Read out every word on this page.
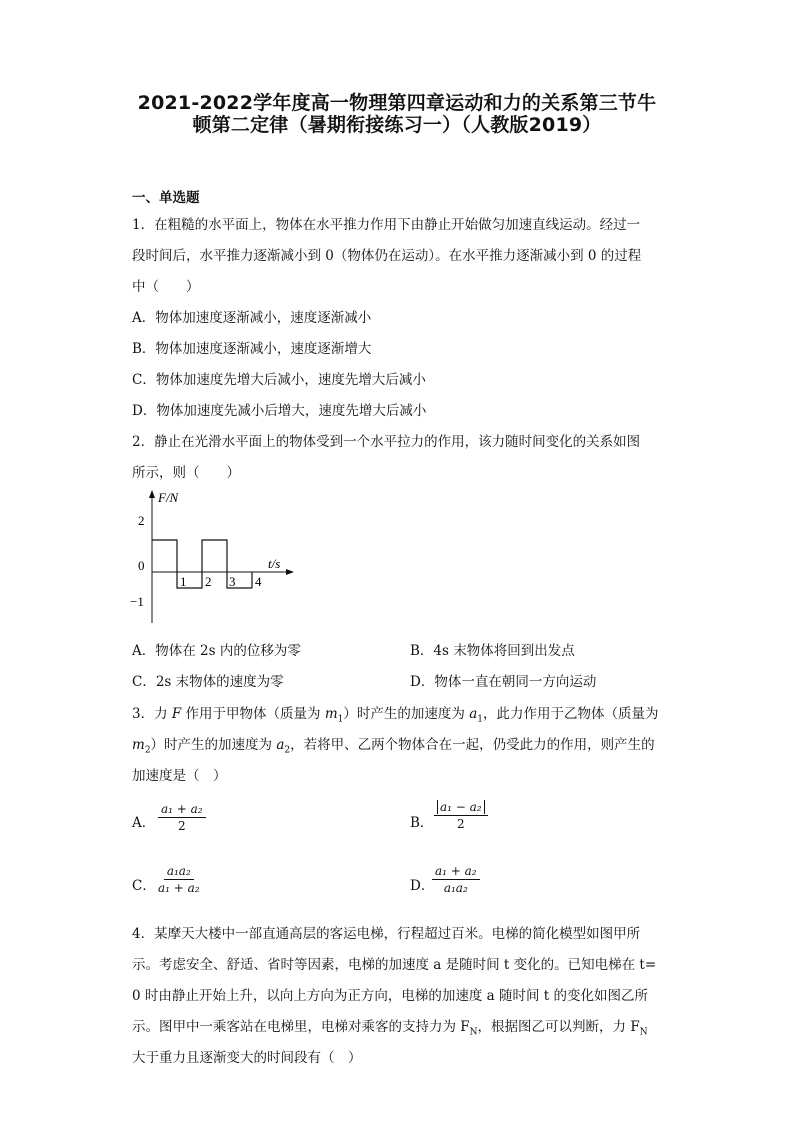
2021-2022学年度高一物理第四章运动和力的关系第三节牛
顿第二定律（暑期衔接练习一）（人教版2019）
一、单选题
1．在粗糙的水平面上，物体在水平推力作用下由静止开始做匀加速直线运动。经过一
段时间后，水平推力逐渐减小到 0（物体仍在运动）。在水平推力逐渐减小到 0 的过程
中（　　）
A．物体加速度逐渐减小，速度逐渐减小
B．物体加速度逐渐减小，速度逐渐增大
C．物体加速度先增大后减小，速度先增大后减小
D．物体加速度先减小后增大，速度先增大后减小
2．静止在光滑水平面上的物体受到一个水平拉力的作用，该力随时间变化的关系如图
所示，则（　　）
F/N
t/s
2
0
−1
1 2 3 4
A．物体在 2s 内的位移为零	B．4s 末物体将回到出发点
C．2s 末物体的速度为零	D．物体一直在朝同一方向运动
3．力 F 作用于甲物体（质量为 $m_1$）时产生的加速度为 $a_1$，此力作用于乙物体（质量为
$m_2$）时产生的加速度为 $a_2$，若将甲、乙两个物体合在一起，仍受此力的作用，则产生的
加速度是（　）
A． $\frac{\text{a₁ + a₂}}{2}$	B． $\frac{\text{a₁ − a₂}}{2}$
C． $\frac{\text{a₁a₂}}{\text{a₁ + a₂}}$	D．
$\frac{\text{a₁ + a₂}}{\text{a₁a₂}}$
4．某摩天大楼中一部直通高层的客运电梯，行程超过百米。电梯的简化模型如图甲所
示。考虑安全、舒适、省时等因素，电梯的加速度 a 是随时间 t 变化的。已知电梯在 t=
0 时由静止开始上升，以向上方向为正方向，电梯的加速度 a 随时间 t 的变化如图乙所
示。图甲中一乘客站在电梯里，电梯对乘客的支持力为 $F_N$，根据图乙可以判断，力 $F_N$
大于重力且逐渐变大的时间段有（　）
